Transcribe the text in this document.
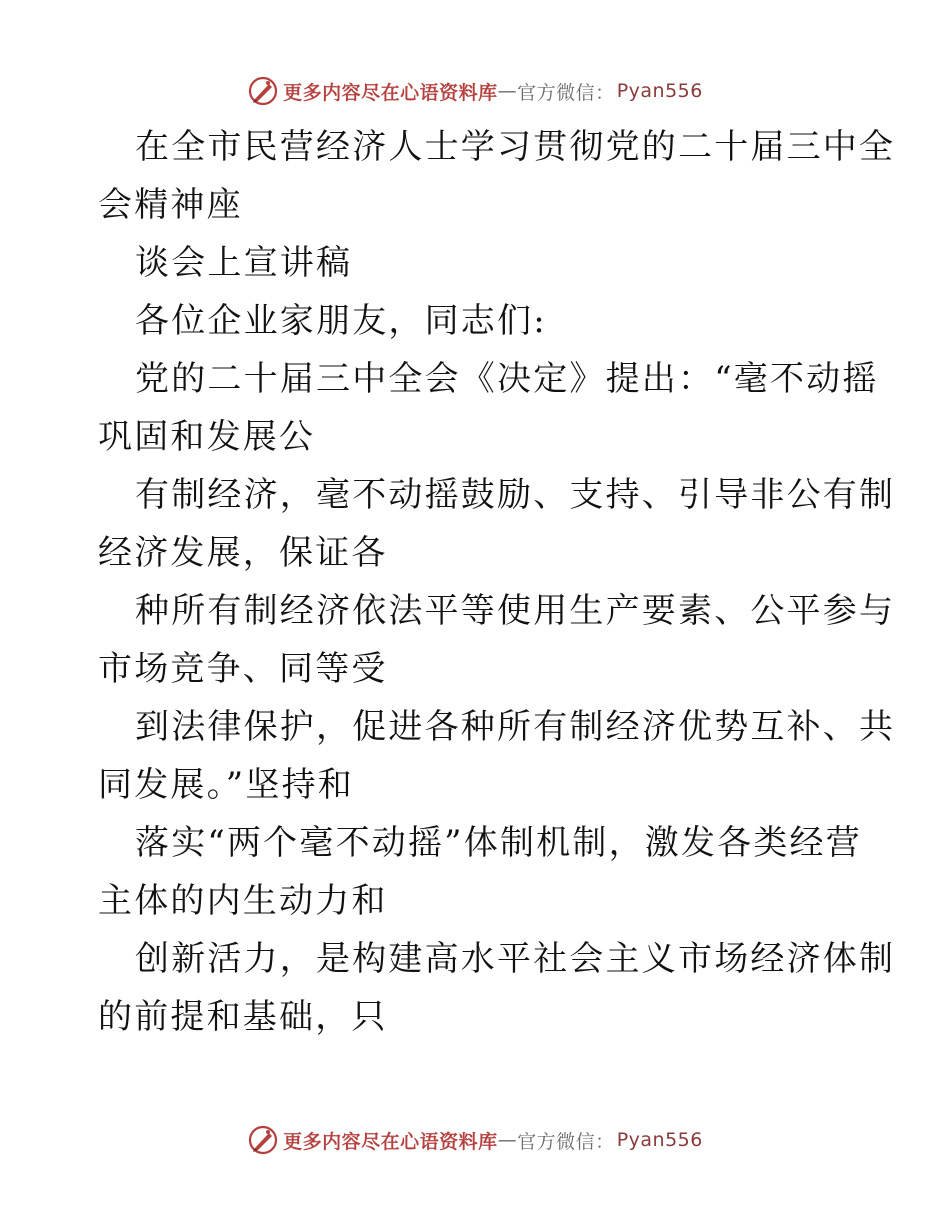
更多内容尽在心语资料库 — 官方微信： Pyan556
在全市民营经济人士学习贯彻党的二十届三中全
会精神座
谈会上宣讲稿
各位企业家朋友，同志们:
党的二十届三中全会《决定》提出：“毫不动摇
巩固和发展公
有制经济，毫不动摇鼓励、支持、引导非公有制
经济发展，保证各
种所有制经济依法平等使用生产要素、公平参与
市场竞争、同等受
到法律保护，促进各种所有制经济优势互补、共
同发展。”坚持和
落实“两个毫不动摇”体制机制，激发各类经营
主体的内生动力和
创新活力，是构建高水平社会主义市场经济体制
的前提和基础，只
更多内容尽在心语资料库 — 官方微信： Pyan556
